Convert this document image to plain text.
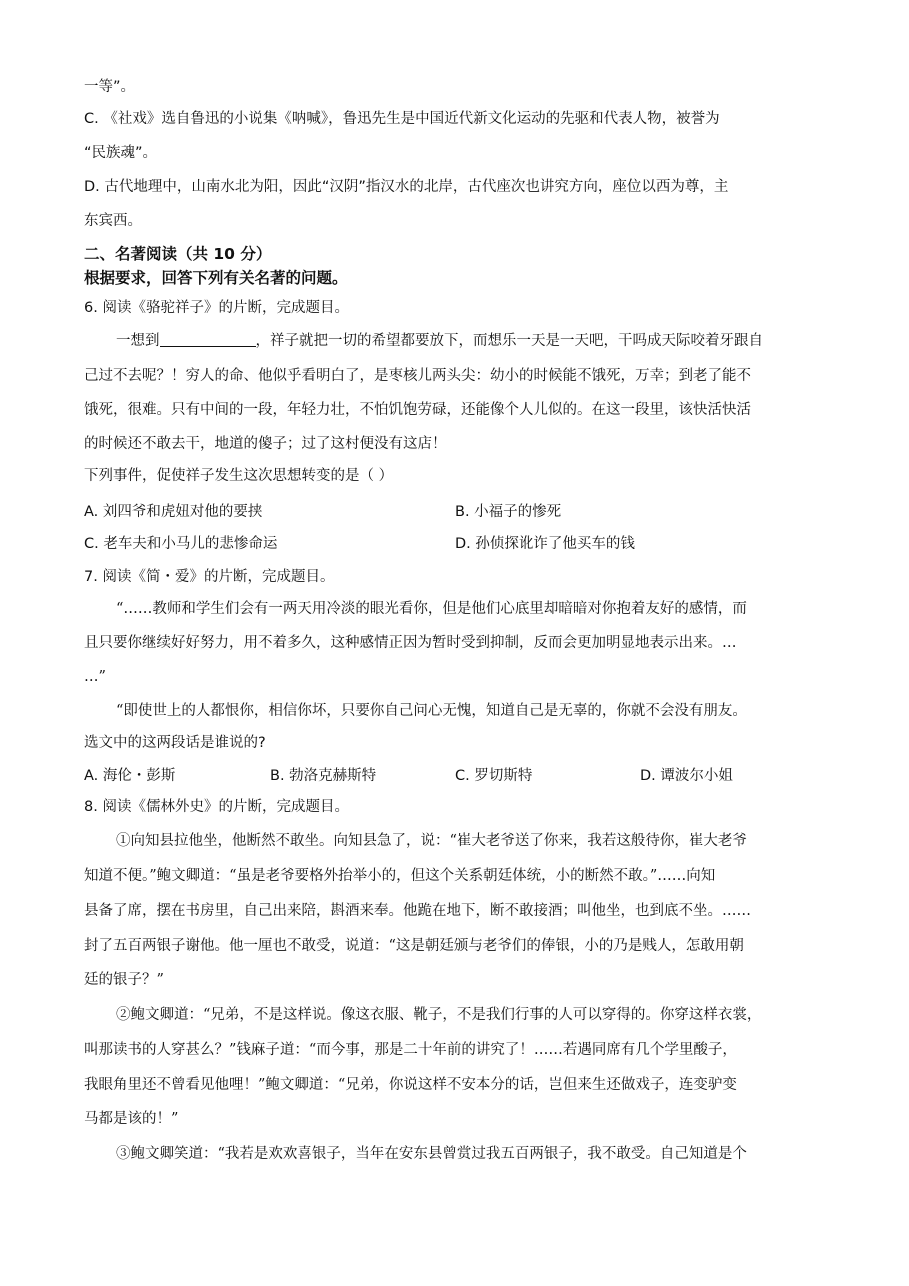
一等”。
C. 《社戏》选自鲁迅的小说集《呐喊》，鲁迅先生是中国近代新文化运动的先驱和代表人物，被誉为
“民族魂”。
D. 古代地理中，山南水北为阳，因此“汉阴”指汉水的北岸，古代座次也讲究方向，座位以西为尊，主
东宾西。
二、名著阅读（共 10 分）
根据要求，回答下列有关名著的问题。
6. 阅读《骆驼祥子》的片断，完成题目。
一想到	，祥子就把一切的希望都要放下，而想乐一天是一天吧，干吗成天际咬着牙跟自
己过不去呢？！穷人的命、他似乎看明白了，是枣核儿两头尖：幼小的时候能不饿死，万幸；到老了能不
饿死，很难。只有中间的一段，年轻力壮，不怕饥饱劳碌，还能像个人儿似的。在这一段里，该快活快活
的时候还不敢去干，地道的傻子；过了这村便没有这店！
下列事件，促使祥子发生这次思想转变的是（ ）
A. 刘四爷和虎妞对他的要挟	B. 小福子的惨死
C. 老车夫和小马儿的悲惨命运	D. 孙侦探讹诈了他买车的钱
7. 阅读《简・爱》的片断，完成题目。
“……教师和学生们会有一两天用冷淡的眼光看你，但是他们心底里却暗暗对你抱着友好的感情，而
且只要你继续好好努力，用不着多久，这种感情正因为暂时受到抑制，反而会更加明显地表示出来。…
…”
“即使世上的人都恨你，相信你坏，只要你自己问心无愧，知道自己是无辜的，你就不会没有朋友。
选文中的这两段话是谁说的?
A. 海伦・彭斯	B. 勃洛克赫斯特	C. 罗切斯特	D. 谭波尔小姐
8. 阅读《儒林外史》的片断，完成题目。
①向知县拉他坐，他断然不敢坐。向知县急了，说：“崔大老爷送了你来，我若这般待你，崔大老爷
知道不便。”鲍文卿道：“虽是老爷要格外抬举小的，但这个关系朝廷体统，小的断然不敢。”……向知
县备了席，摆在书房里，自己出来陪，斟酒来奉。他跪在地下，断不敢接酒；叫他坐，也到底不坐。……
封了五百两银子谢他。他一厘也不敢受，说道：“这是朝廷颁与老爷们的俸银，小的乃是贱人，怎敢用朝
廷的银子？”
②鲍文卿道：“兄弟，不是这样说。像这衣服、靴子，不是我们行事的人可以穿得的。你穿这样衣裳，
叫那读书的人穿甚么？”钱麻子道：“而今事，那是二十年前的讲究了！……若遇同席有几个学里酸子，
我眼角里还不曾看见他哩！”鲍文卿道：“兄弟，你说这样不安本分的话，岂但来生还做戏子，连变驴变
马都是该的！”
③鲍文卿笑道：“我若是欢欢喜银子，当年在安东县曾赏过我五百两银子，我不敢受。自己知道是个
